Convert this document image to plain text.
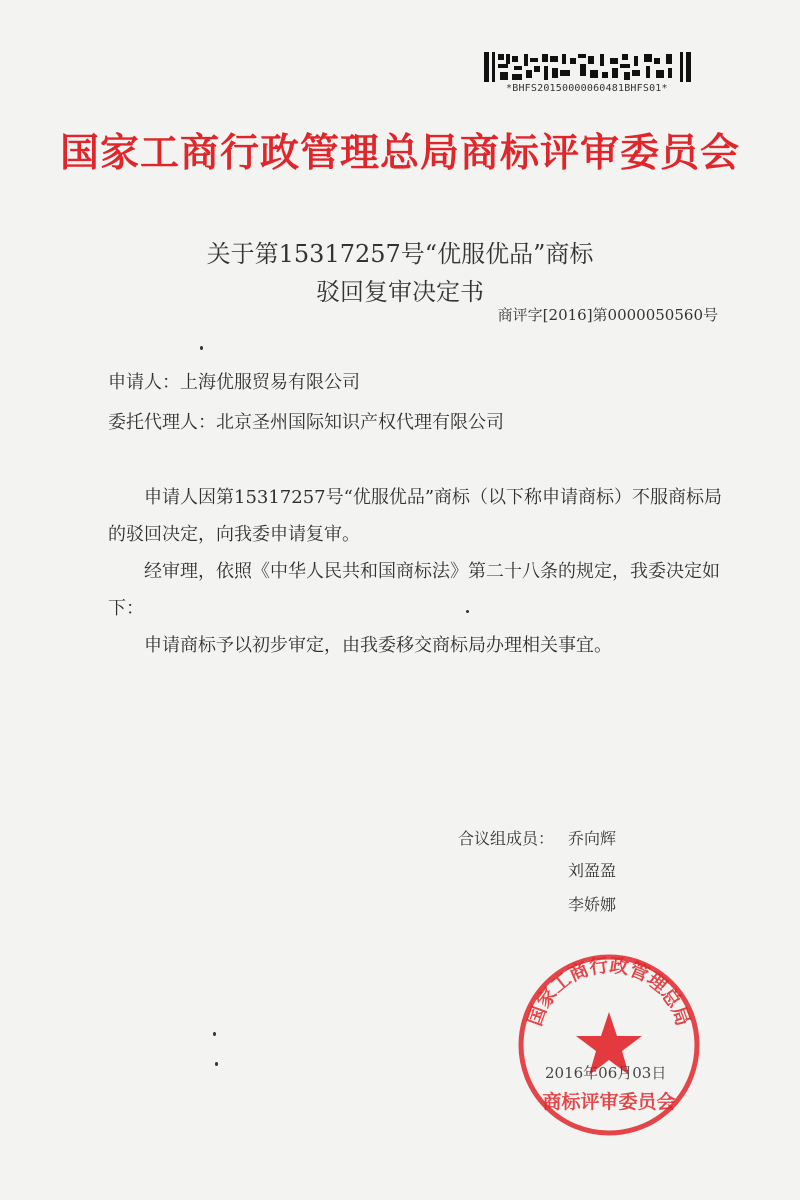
*BHFS20150000060481BHFS01*
国家工商行政管理总局商标评审委员会
关于第15317257号“优服优品”商标
驳回复审决定书
商评字[2016]第0000050560号
申请人：上海优服贸易有限公司
委托代理人：北京圣州国际知识产权代理有限公司
申请人因第15317257号“优服优品”商标（以下称申请商标）不服商标局的驳回决定，向我委申请复审。
经审理，依照《中华人民共和国商标法》第二十八条的规定，我委决定如下：
申请商标予以初步审定，由我委移交商标局办理相关事宜。
合议组成员： 乔向辉
刘盈盈
李娇娜
国家工商行政管理总局
商标评审委员会
2016年06月03日
